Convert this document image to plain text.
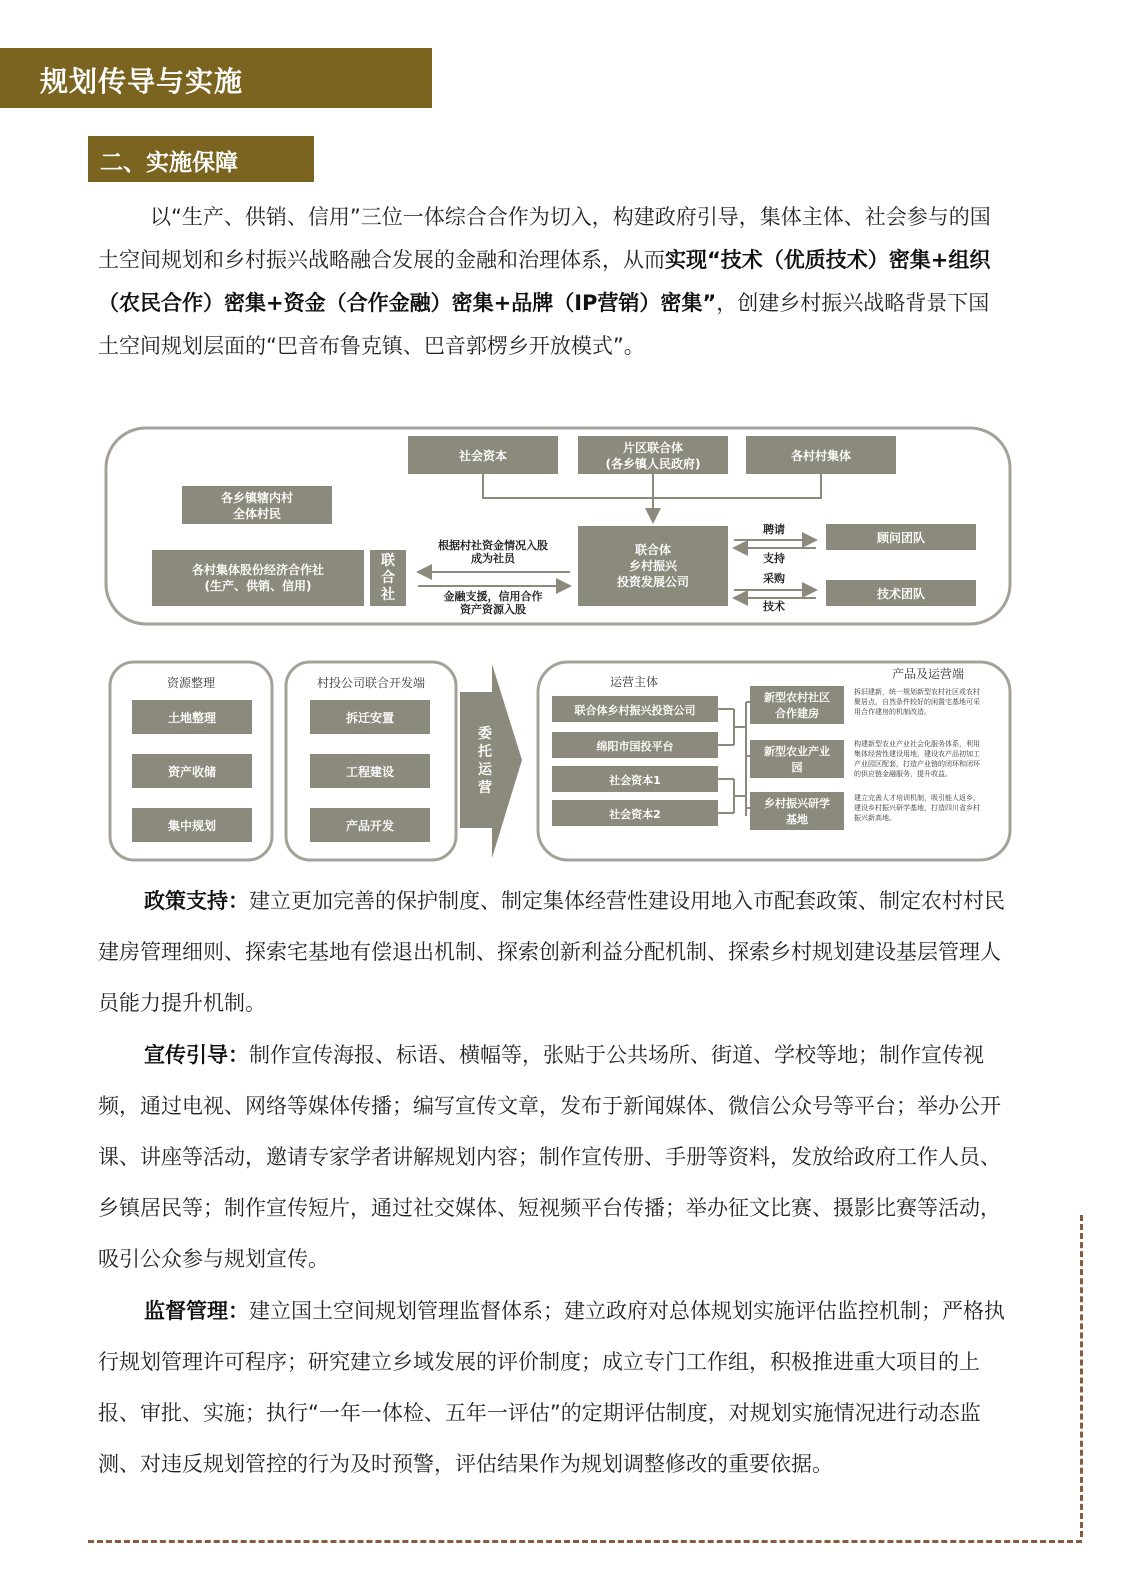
规划传导与实施
二、实施保障
以“生产、供销、信用”三位一体综合合作为切入，构建政府引导，集体主体、社会参与的国土空间规划和乡村振兴战略融合发展的金融和治理体系，从而实现“技术（优质技术）密集+组织（农民合作）密集+资金（合作金融）密集+品牌（IP营销）密集”，创建乡村振兴战略背景下国土空间规划层面的“巴音布鲁克镇、巴音郭楞乡开放模式”。
社会资本
片区联合体
(各乡镇人民政府)
各村村集体
各乡镇辖内村
全体村民
各村集体股份经济合作社
(生产、供销、信用)
联
合
社
根据村社资金情况入股
成为社员
金融支援，信用合作
资产资源入股
联合体
乡村振兴
投资发展公司
聘请
支持
采购
技术
顾问团队
技术团队
资源整理
土地整理
资产收储
集中规划
村投公司联合开发端
拆迁安置
工程建设
产品开发
委
托
运
营
运营主体
产品及运营端
联合体乡村振兴投资公司
绵阳市国投平台
社会资本1
社会资本2
新型农村社区
合作建房
新型农业产业
园
乡村振兴研学
基地
拆旧建新，统一规划新型农村社区或农村
聚居点，自然条件较好的闲置宅基地可采
用合作建房的机制改造。
构建新型农业产业社会化服务体系，利用
集体经营性建设用地，建设农产品初加工
产业园区配套，打造产业链的闭环和闭环
的供应链金融服务，提升收益。
建立完善人才培训机制，吸引能人返乡，
建设乡村振兴研学基地，打造四川省乡村
振兴新高地。
政策支持：建立更加完善的保护制度、制定集体经营性建设用地入市配套政策、制定农村村民建房管理细则、探索宅基地有偿退出机制、探索创新利益分配机制、探索乡村规划建设基层管理人员能力提升机制。
宣传引导：制作宣传海报、标语、横幅等，张贴于公共场所、街道、学校等地；制作宣传视频，通过电视、网络等媒体传播；编写宣传文章，发布于新闻媒体、微信公众号等平台；举办公开课、讲座等活动，邀请专家学者讲解规划内容；制作宣传册、手册等资料，发放给政府工作人员、乡镇居民等；制作宣传短片，通过社交媒体、短视频平台传播；举办征文比赛、摄影比赛等活动，吸引公众参与规划宣传。
监督管理：建立国土空间规划管理监督体系；建立政府对总体规划实施评估监控机制；严格执行规划管理许可程序；研究建立乡域发展的评价制度；成立专门工作组，积极推进重大项目的上报、审批、实施；执行“一年一体检、五年一评估”的定期评估制度，对规划实施情况进行动态监测、对违反规划管控的行为及时预警，评估结果作为规划调整修改的重要依据。
